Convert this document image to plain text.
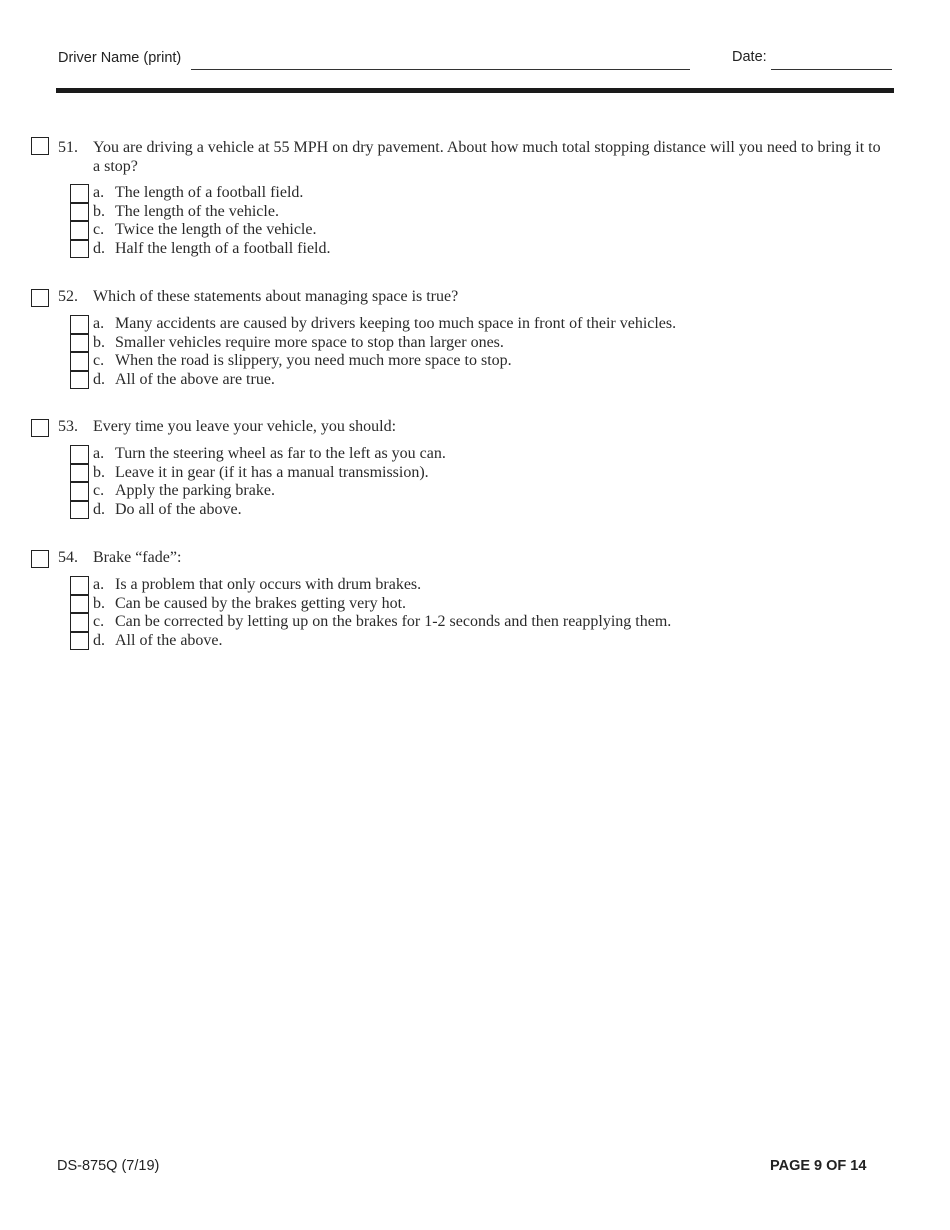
Driver Name (print)	Date:
51. You are driving a vehicle at 55 MPH on dry pavement. About how much total stopping distance will you need to bring it to a stop?
a. The length of a football field.
b. The length of the vehicle.
c. Twice the length of the vehicle.
d. Half the length of a football field.
52. Which of these statements about managing space is true?
a. Many accidents are caused by drivers keeping too much space in front of their vehicles.
b. Smaller vehicles require more space to stop than larger ones.
c. When the road is slippery, you need much more space to stop.
d. All of the above are true.
53. Every time you leave your vehicle, you should:
a. Turn the steering wheel as far to the left as you can.
b. Leave it in gear (if it has a manual transmission).
c. Apply the parking brake.
d. Do all of the above.
54. Brake “fade”:
a. Is a problem that only occurs with drum brakes.
b. Can be caused by the brakes getting very hot.
c. Can be corrected by letting up on the brakes for 1-2 seconds and then reapplying them.
d. All of the above.
DS-875Q (7/19)	PAGE 9 OF 14
